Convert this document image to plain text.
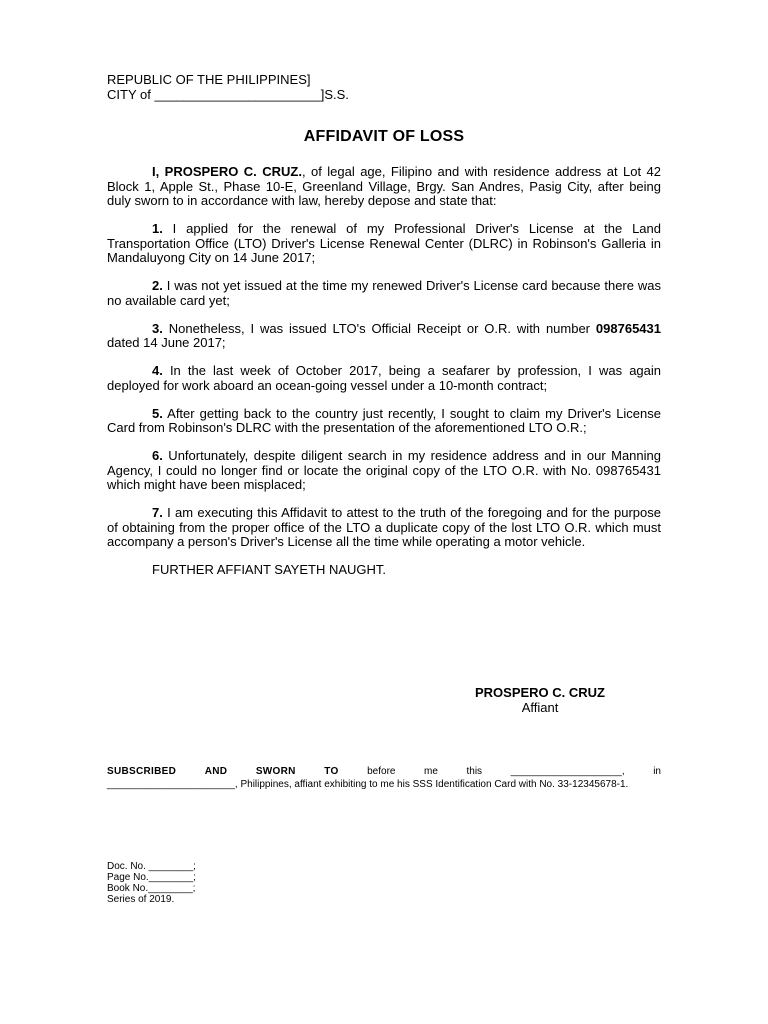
REPUBLIC OF THE PHILIPPINES]
CITY of _______________________]S.S.
AFFIDAVIT OF LOSS

I, PROSPERO C. CRUZ., of legal age, Filipino and with residence address at Lot 42 Block 1, Apple St., Phase 10-E, Greenland Village, Brgy. San Andres, Pasig City, after being duly sworn to in accordance with law, hereby depose and state that:

1. I applied for the renewal of my Professional Driver's License at the Land Transportation Office (LTO) Driver's License Renewal Center (DLRC) in Robinson's Galleria in Mandaluyong City on 14 June 2017;

2. I was not yet issued at the time my renewed Driver's License card because there was no available card yet;

3. Nonetheless, I was issued LTO's Official Receipt or O.R. with number 098765431 dated 14 June 2017;

4. In the last week of October 2017, being a seafarer by profession, I was again deployed for work aboard an ocean-going vessel under a 10-month contract;

5. After getting back to the country just recently, I sought to claim my Driver's License Card from Robinson's DLRC with the presentation of the aforementioned LTO O.R.;

6. Unfortunately, despite diligent search in my residence address and in our Manning Agency, I could no longer find or locate the original copy of the LTO O.R. with No. 098765431 which might have been misplaced;

7. I am executing this Affidavit to attest to the truth of the foregoing and for the purpose of obtaining from the proper office of the LTO a duplicate copy of the lost LTO O.R. which must accompany a person's Driver's License all the time while operating a motor vehicle.

FURTHER AFFIANT SAYETH NAUGHT.

PROSPERO C. CRUZ
Affiant
SUBSCRIBED	AND	SWORN	TO	before	me	this	____________________,	in
_______________________, Philippines, affiant exhibiting to me his SSS Identification Card with No. 33-12345678-1.
Doc. No. ________;
Page No.________;
Book No.________;
Series of 2019.
